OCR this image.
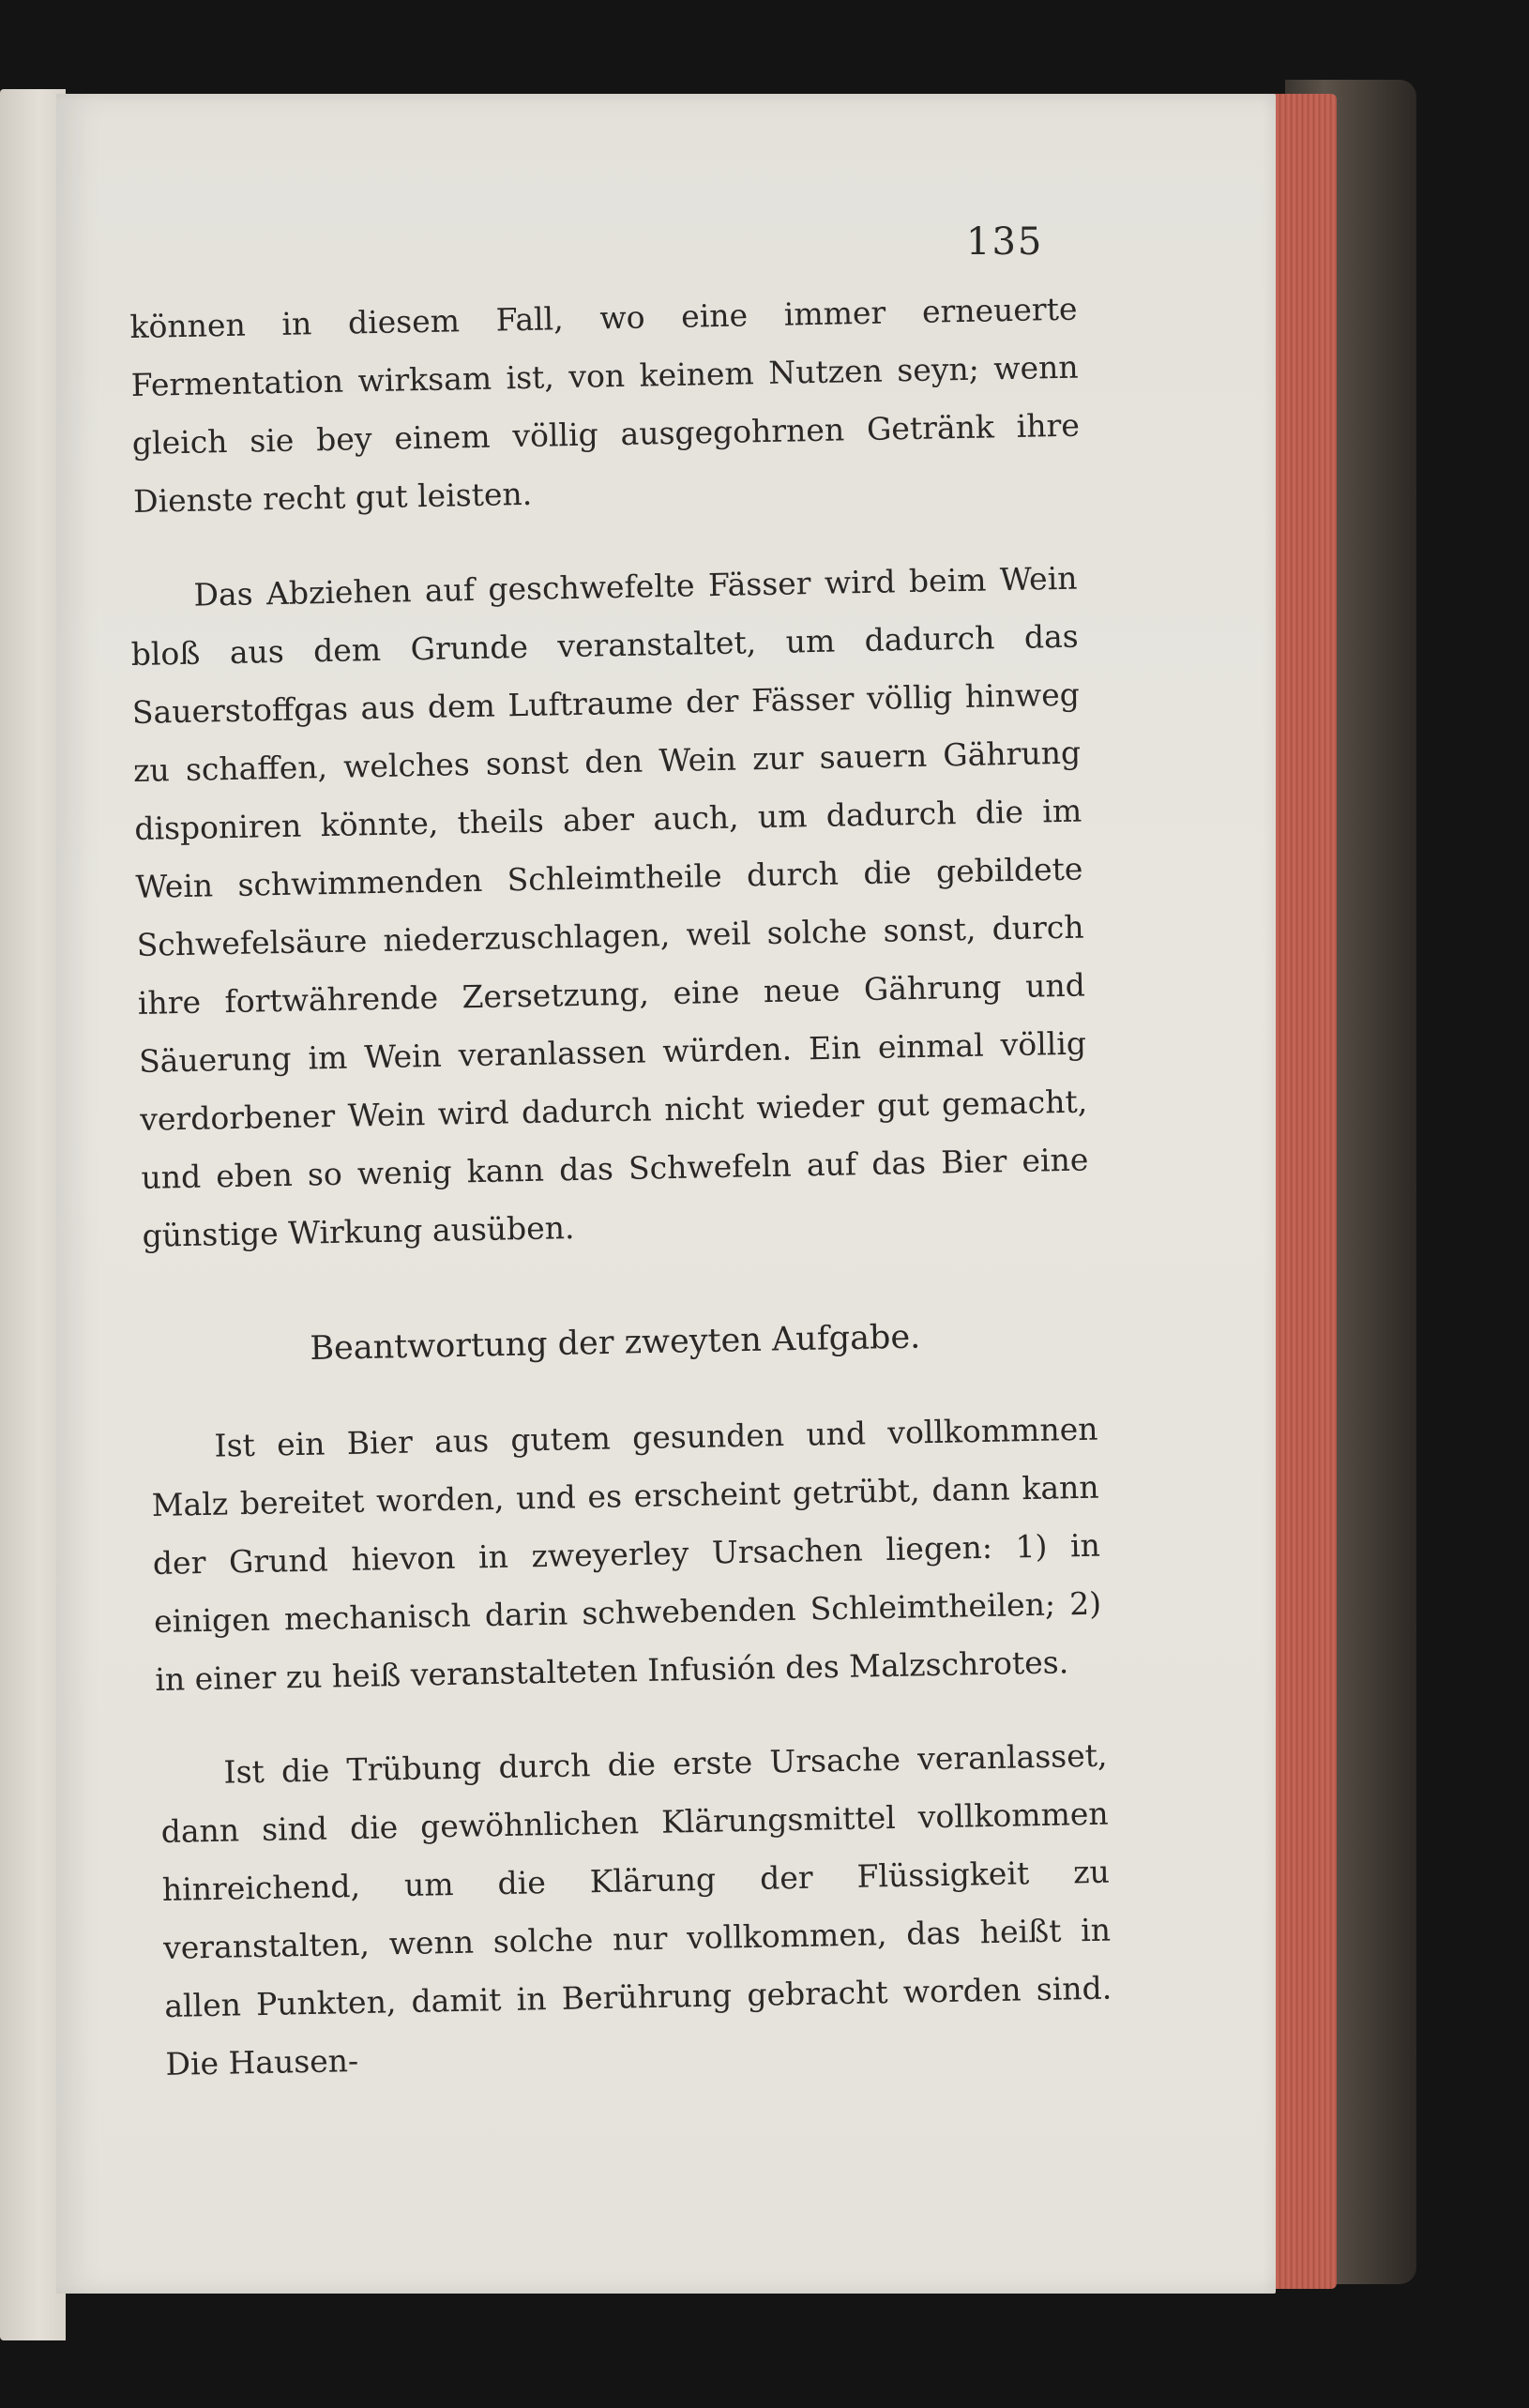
135
können in diesem Fall, wo eine immer erneuerte Fermentation wirksam ist, von keinem Nutzen seyn; wenn gleich sie bey einem völlig ausgegohrnen Getränk ihre Dienste recht gut leisten.
Das Abziehen auf geschwefelte Fässer wird beim Wein bloß aus dem Grunde veranstaltet, um dadurch das Sauerstoffgas aus dem Luftraume der Fässer völlig hinweg zu schaffen, welches sonst den Wein zur sauern Gährung disponiren könnte, theils aber auch, um dadurch die im Wein schwimmenden Schleimtheile durch die gebildete Schwefelsäure niederzuschlagen, weil solche sonst, durch ihre fortwährende Zersetzung, eine neue Gährung und Säuerung im Wein veranlassen würden. Ein einmal völlig verdorbener Wein wird dadurch nicht wieder gut gemacht, und eben so wenig kann das Schwefeln auf das Bier eine günstige Wirkung ausüben.
Beantwortung der zweyten Aufgabe.
Ist ein Bier aus gutem gesunden und vollkommnen Malz bereitet worden, und es erscheint getrübt, dann kann der Grund hievon in zweyerley Ursachen liegen: 1) in einigen mechanisch darin schwebenden Schleimtheilen; 2) in einer zu heiß veranstalteten Infusión des Malzschrotes.
Ist die Trübung durch die erste Ursache veranlasset, dann sind die gewöhnlichen Klärungsmittel vollkommen hinreichend, um die Klärung der Flüssigkeit zu veranstalten, wenn solche nur vollkommen, das heißt in allen Punkten, damit in Berührung gebracht worden sind. Die Hausen-
